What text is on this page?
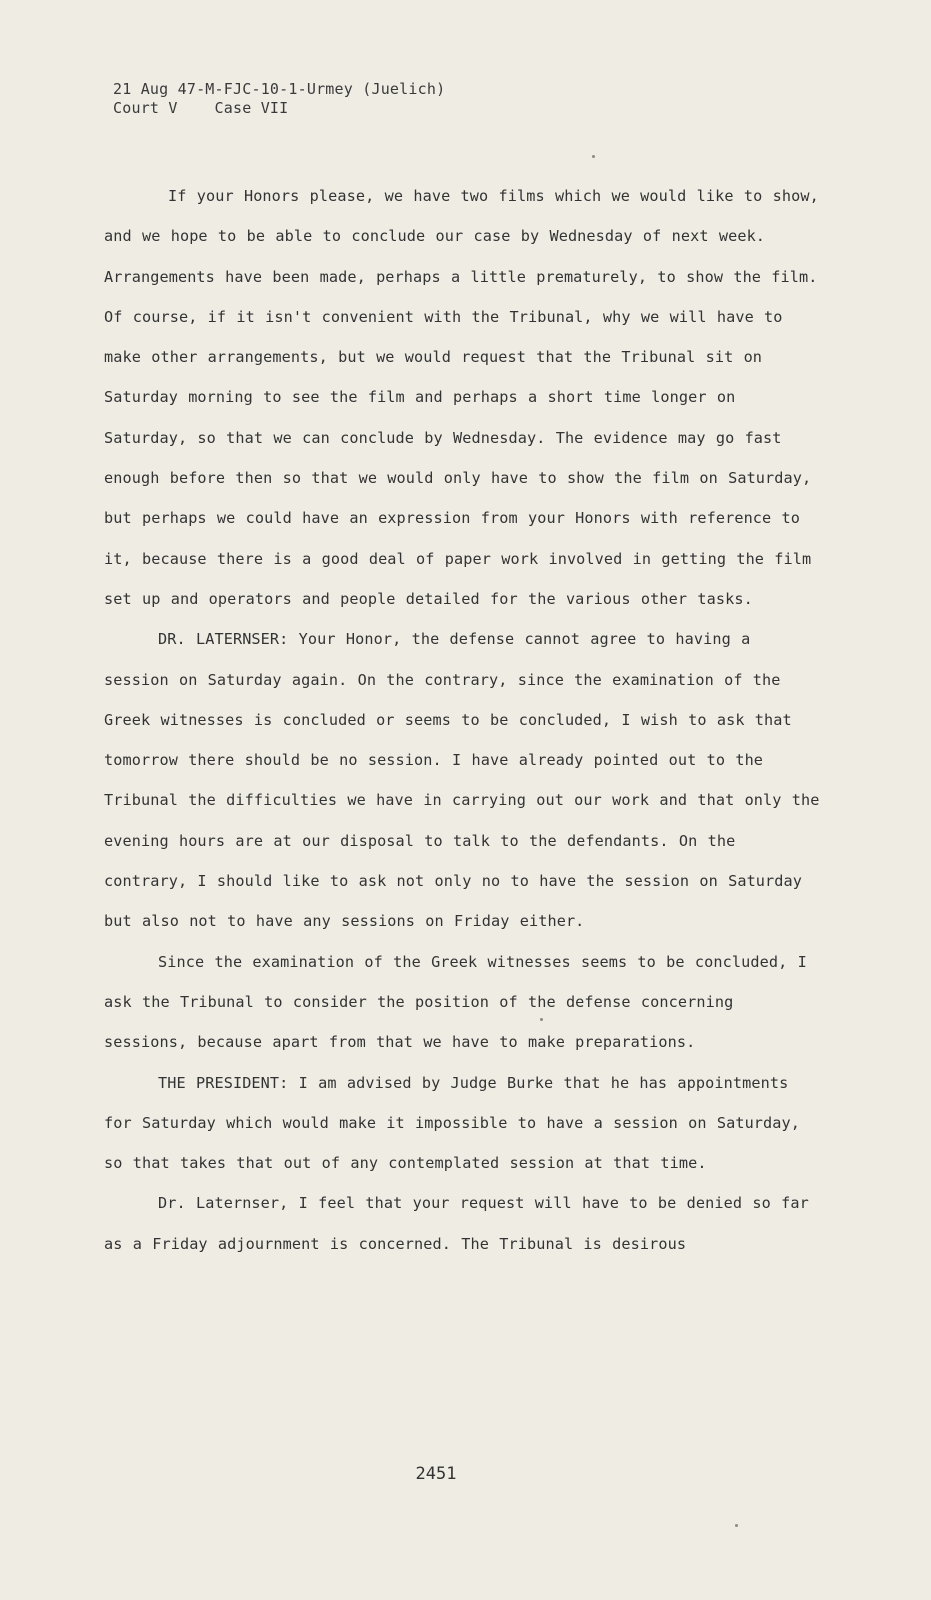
21 Aug 47-M-FJC-10-1-Urmey (Juelich)
Court V    Case VII

If your Honors please, we have two films which we would like to show, and we hope to be able to conclude our case by Wednesday of next week. Arrangements have been made, perhaps a little prematurely, to show the film. Of course, if it isn't convenient with the Tribunal, why we will have to make other arrangements, but we would request that the Tribunal sit on Saturday morning to see the film and perhaps a short time longer on Saturday, so that we can conclude by Wednesday. The evidence may go fast enough before then so that we would only have to show the film on Saturday, but perhaps we could have an expression from your Honors with reference to it, because there is a good deal of paper work involved in getting the film set up and operators and people detailed for the various other tasks.

DR. LATERNSER: Your Honor, the defense cannot agree to having a session on Saturday again. On the contrary, since the examination of the Greek witnesses is concluded or seems to be concluded, I wish to ask that tomorrow there should be no session. I have already pointed out to the Tribunal the difficulties we have in carrying out our work and that only the evening hours are at our disposal to talk to the defendants. On the contrary, I should like to ask not only no to have the session on Saturday but also not to have any sessions on Friday either.

Since the examination of the Greek witnesses seems to be concluded, I ask the Tribunal to consider the position of the defense concerning sessions, because apart from that we have to make preparations.

THE PRESIDENT: I am advised by Judge Burke that he has appointments for Saturday which would make it impossible to have a session on Saturday, so that takes that out of any contemplated session at that time.

Dr. Laternser, I feel that your request will have to be denied so far as a Friday adjournment is concerned. The Tribunal is desirous

2451
